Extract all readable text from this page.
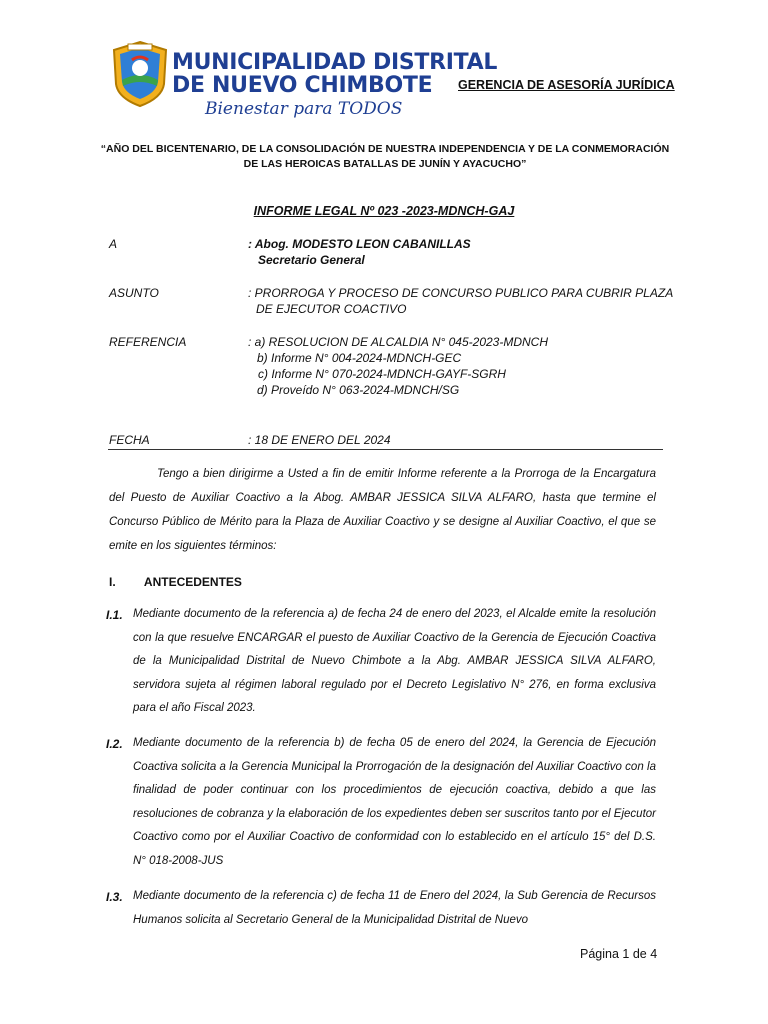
MUNICIPALIDAD DISTRITAL
DE NUEVO CHIMBOTE
Bienestar para TODOS
GERENCIA DE ASESORÍA JURÍDICA
“AÑO DEL BICENTENARIO, DE LA CONSOLIDACIÓN DE NUESTRA INDEPENDENCIA Y DE LA CONMEMORACIÓN DE LAS HEROICAS BATALLAS DE JUNÍN Y AYACUCHO”
INFORME LEGAL Nº 023 -2023-MDNCH-GAJ
A	: Abog. MODESTO LEON CABANILLAS
Secretario General
ASUNTO	: PRORROGA Y PROCESO DE CONCURSO PUBLICO PARA CUBRIR PLAZA
DE EJECUTOR COACTIVO
REFERENCIA	: a) RESOLUCION DE ALCALDIA N° 045-2023-MDNCH
b) Informe N° 004-2024-MDNCH-GEC
c) Informe N° 070-2024-MDNCH-GAYF-SGRH
d) Proveído N° 063-2024-MDNCH/SG
FECHA	: 18 DE ENERO DEL 2024
Tengo a bien dirigirme a Usted a fin de emitir Informe referente a la Prorroga de la Encargatura del Puesto de Auxiliar Coactivo a la Abog. AMBAR JESSICA SILVA ALFARO, hasta que termine el Concurso Público de Mérito para la Plaza de Auxiliar Coactivo y se designe al Auxiliar Coactivo, el que se emite en los siguientes términos:
I. ANTECEDENTES
I.1. Mediante documento de la referencia a) de fecha 24 de enero del 2023, el Alcalde emite la resolución con la que resuelve ENCARGAR el puesto de Auxiliar Coactivo de la Gerencia de Ejecución Coactiva de la Municipalidad Distrital de Nuevo Chimbote a la Abg. AMBAR JESSICA SILVA ALFARO, servidora sujeta al régimen laboral regulado por el Decreto Legislativo N° 276, en forma exclusiva para el año Fiscal 2023.
I.2. Mediante documento de la referencia b) de fecha 05 de enero del 2024, la Gerencia de Ejecución Coactiva solicita a la Gerencia Municipal la Prorrogación de la designación del Auxiliar Coactivo con la finalidad de poder continuar con los procedimientos de ejecución coactiva, debido a que las resoluciones de cobranza y la elaboración de los expedientes deben ser suscritos tanto por el Ejecutor Coactivo como por el Auxiliar Coactivo de conformidad con lo establecido en el artículo 15° del D.S. N° 018-2008-JUS
I.3. Mediante documento de la referencia c) de fecha 11 de Enero del 2024, la Sub Gerencia de Recursos Humanos solicita al Secretario General de la Municipalidad Distrital de Nuevo
Página 1 de 4
